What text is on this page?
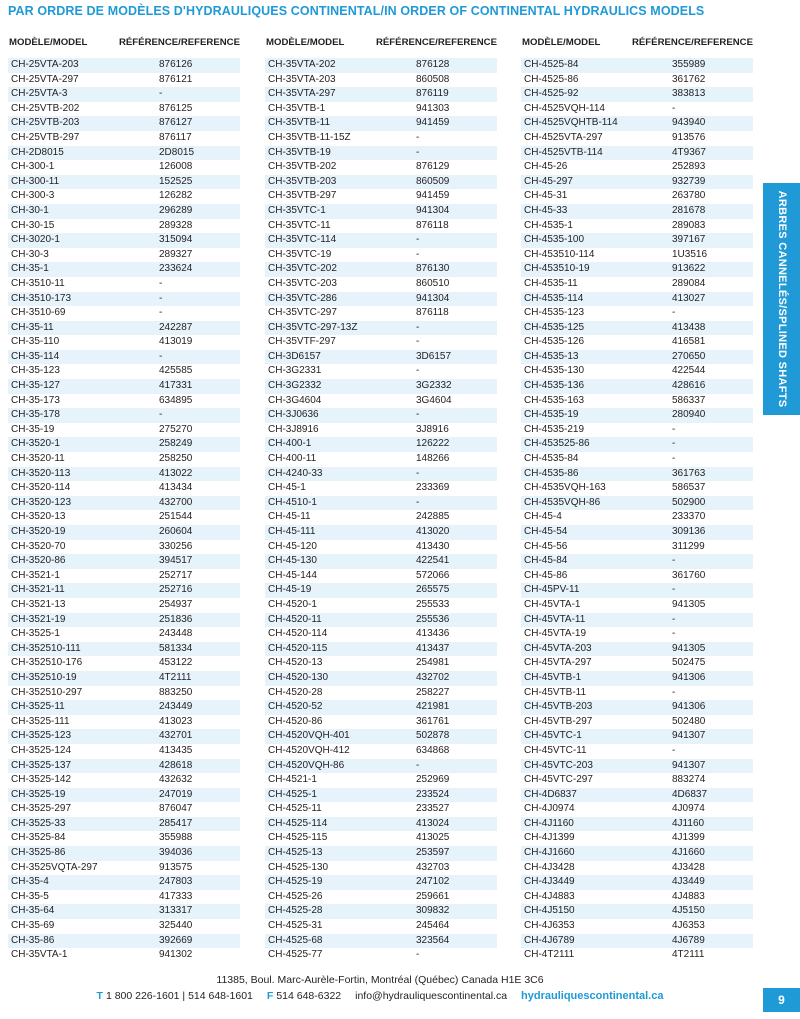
PAR ORDRE DE MODÈLES D'HYDRAULIQUES CONTINENTAL/IN ORDER OF CONTINENTAL HYDRAULICS MODELS
MODÈLE/MODEL	RÉFÉRENCE/REFERENCE
CH-25VTA-203	876126
CH-25VTA-297	876121
CH-25VTA-3	-
CH-25VTB-202	876125
CH-25VTB-203	876127
CH-25VTB-297	876117
CH-2D8015	2D8015
CH-300-1	126008
CH-300-11	152525
CH-300-3	126282
CH-30-1	296289
CH-30-15	289328
CH-3020-1	315094
CH-30-3	289327
CH-35-1	233624
CH-3510-11	-
CH-3510-173	-
CH-3510-69	-
CH-35-11	242287
CH-35-110	413019
CH-35-114	-
CH-35-123	425585
CH-35-127	417331
CH-35-173	634895
CH-35-178	-
CH-35-19	275270
CH-3520-1	258249
CH-3520-11	258250
CH-3520-113	413022
CH-3520-114	413434
CH-3520-123	432700
CH-3520-13	251544
CH-3520-19	260604
CH-3520-70	330256
CH-3520-86	394517
CH-3521-1	252717
CH-3521-11	252716
CH-3521-13	254937
CH-3521-19	251836
CH-3525-1	243448
CH-352510-111	581334
CH-352510-176	453122
CH-352510-19	4T2111
CH-352510-297	883250
CH-3525-11	243449
CH-3525-111	413023
CH-3525-123	432701
CH-3525-124	413435
CH-3525-137	428618
CH-3525-142	432632
CH-3525-19	247019
CH-3525-297	876047
CH-3525-33	285417
CH-3525-84	355988
CH-3525-86	394036
CH-3525VQTA-297	913575
CH-35-4	247803
CH-35-5	417333
CH-35-64	313317
CH-35-69	325440
CH-35-86	392669
CH-35VTA-1	941302
MODÈLE/MODEL	RÉFÉRENCE/REFERENCE
CH-35VTA-202	876128
CH-35VTA-203	860508
CH-35VTA-297	876119
CH-35VTB-1	941303
CH-35VTB-11	941459
CH-35VTB-11-15Z	-
CH-35VTB-19	-
CH-35VTB-202	876129
CH-35VTB-203	860509
CH-35VTB-297	941459
CH-35VTC-1	941304
CH-35VTC-11	876118
CH-35VTC-114	-
CH-35VTC-19	-
CH-35VTC-202	876130
CH-35VTC-203	860510
CH-35VTC-286	941304
CH-35VTC-297	876118
CH-35VTC-297-13Z	-
CH-35VTF-297	-
CH-3D6157	3D6157
CH-3G2331	-
CH-3G2332	3G2332
CH-3G4604	3G4604
CH-3J0636	-
CH-3J8916	3J8916
CH-400-1	126222
CH-400-11	148266
CH-4240-33	-
CH-45-1	233369
CH-4510-1	-
CH-45-11	242885
CH-45-111	413020
CH-45-120	413430
CH-45-130	422541
CH-45-144	572066
CH-45-19	265575
CH-4520-1	255533
CH-4520-11	255536
CH-4520-114	413436
CH-4520-115	413437
CH-4520-13	254981
CH-4520-130	432702
CH-4520-28	258227
CH-4520-52	421981
CH-4520-86	361761
CH-4520VQH-401	502878
CH-4520VQH-412	634868
CH-4520VQH-86	-
CH-4521-1	252969
CH-4525-1	233524
CH-4525-11	233527
CH-4525-114	413024
CH-4525-115	413025
CH-4525-13	253597
CH-4525-130	432703
CH-4525-19	247102
CH-4525-26	259661
CH-4525-28	309832
CH-4525-31	245464
CH-4525-68	323564
CH-4525-77	-
MODÈLE/MODEL	RÉFÉRENCE/REFERENCE
CH-4525-84	355989
CH-4525-86	361762
CH-4525-92	383813
CH-4525VQH-114	-
CH-4525VQHTB-114	943940
CH-4525VTA-297	913576
CH-4525VTB-114	4T9367
CH-45-26	252893
CH-45-297	932739
CH-45-31	263780
CH-45-33	281678
CH-4535-1	289083
CH-4535-100	397167
CH-453510-114	1U3516
CH-453510-19	913622
CH-4535-11	289084
CH-4535-114	413027
CH-4535-123	-
CH-4535-125	413438
CH-4535-126	416581
CH-4535-13	270650
CH-4535-130	422544
CH-4535-136	428616
CH-4535-163	586337
CH-4535-19	280940
CH-4535-219	-
CH-453525-86	-
CH-4535-84	-
CH-4535-86	361763
CH-4535VQH-163	586537
CH-4535VQH-86	502900
CH-45-4	233370
CH-45-54	309136
CH-45-56	311299
CH-45-84	-
CH-45-86	361760
CH-45PV-11	-
CH-45VTA-1	941305
CH-45VTA-11	-
CH-45VTA-19	-
CH-45VTA-203	941305
CH-45VTA-297	502475
CH-45VTB-1	941306
CH-45VTB-11	-
CH-45VTB-203	941306
CH-45VTB-297	502480
CH-45VTC-1	941307
CH-45VTC-11	-
CH-45VTC-203	941307
CH-45VTC-297	883274
CH-4D6837	4D6837
CH-4J0974	4J0974
CH-4J1160	4J1160
CH-4J1399	4J1399
CH-4J1660	4J1660
CH-4J3428	4J3428
CH-4J3449	4J3449
CH-4J4883	4J4883
CH-4J5150	4J5150
CH-4J6353	4J6353
CH-4J6789	4J6789
CH-4T2111	4T2111
ARBRES CANNELÉS/SPLINED SHAFTS
11385, Boul. Marc-Aurèle-Fortin, Montréal (Québec) Canada H1E 3C6
T 1 800 226-1601 | 514 648-1601 F 514 648-6322 info@hydrauliquescontinental.ca hydrauliquescontinental.ca	9
